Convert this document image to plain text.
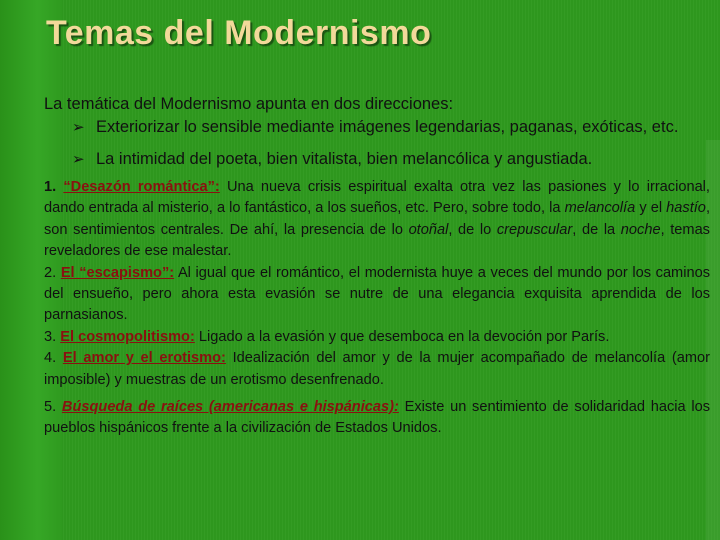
Temas del Modernismo

La temática del Modernismo apunta en dos direcciones:

➢ Exteriorizar lo sensible mediante imágenes legendarias, paganas, exóticas, etc.
➢ La intimidad del poeta, bien vitalista, bien melancólica y angustiada.

1. “Desazón romántica”: Una nueva crisis espiritual exalta otra vez las pasiones y lo irracional, dando entrada al misterio, a lo fantástico, a los sueños, etc. Pero, sobre todo, la melancolía y el hastío, son sentimientos centrales. De ahí, la presencia de lo otoñal, de lo crepuscular, de la noche, temas reveladores de ese malestar.

2. El “escapismo”: Al igual que el romántico, el modernista huye a veces del mundo por los caminos del ensueño, pero ahora esta evasión se nutre de una elegancia exquisita aprendida de los parnasianos.

3. El cosmopolitismo: Ligado a la evasión y que desemboca en la devoción por París.

4. El amor y el erotismo: Idealización del amor y de la mujer acompañado de melancolía (amor imposible) y muestras de un erotismo desenfrenado.

5. Búsqueda de raíces (americanas e hispánicas): Existe un sentimiento de solidaridad hacia los pueblos hispánicos frente a la civilización de Estados Unidos.
